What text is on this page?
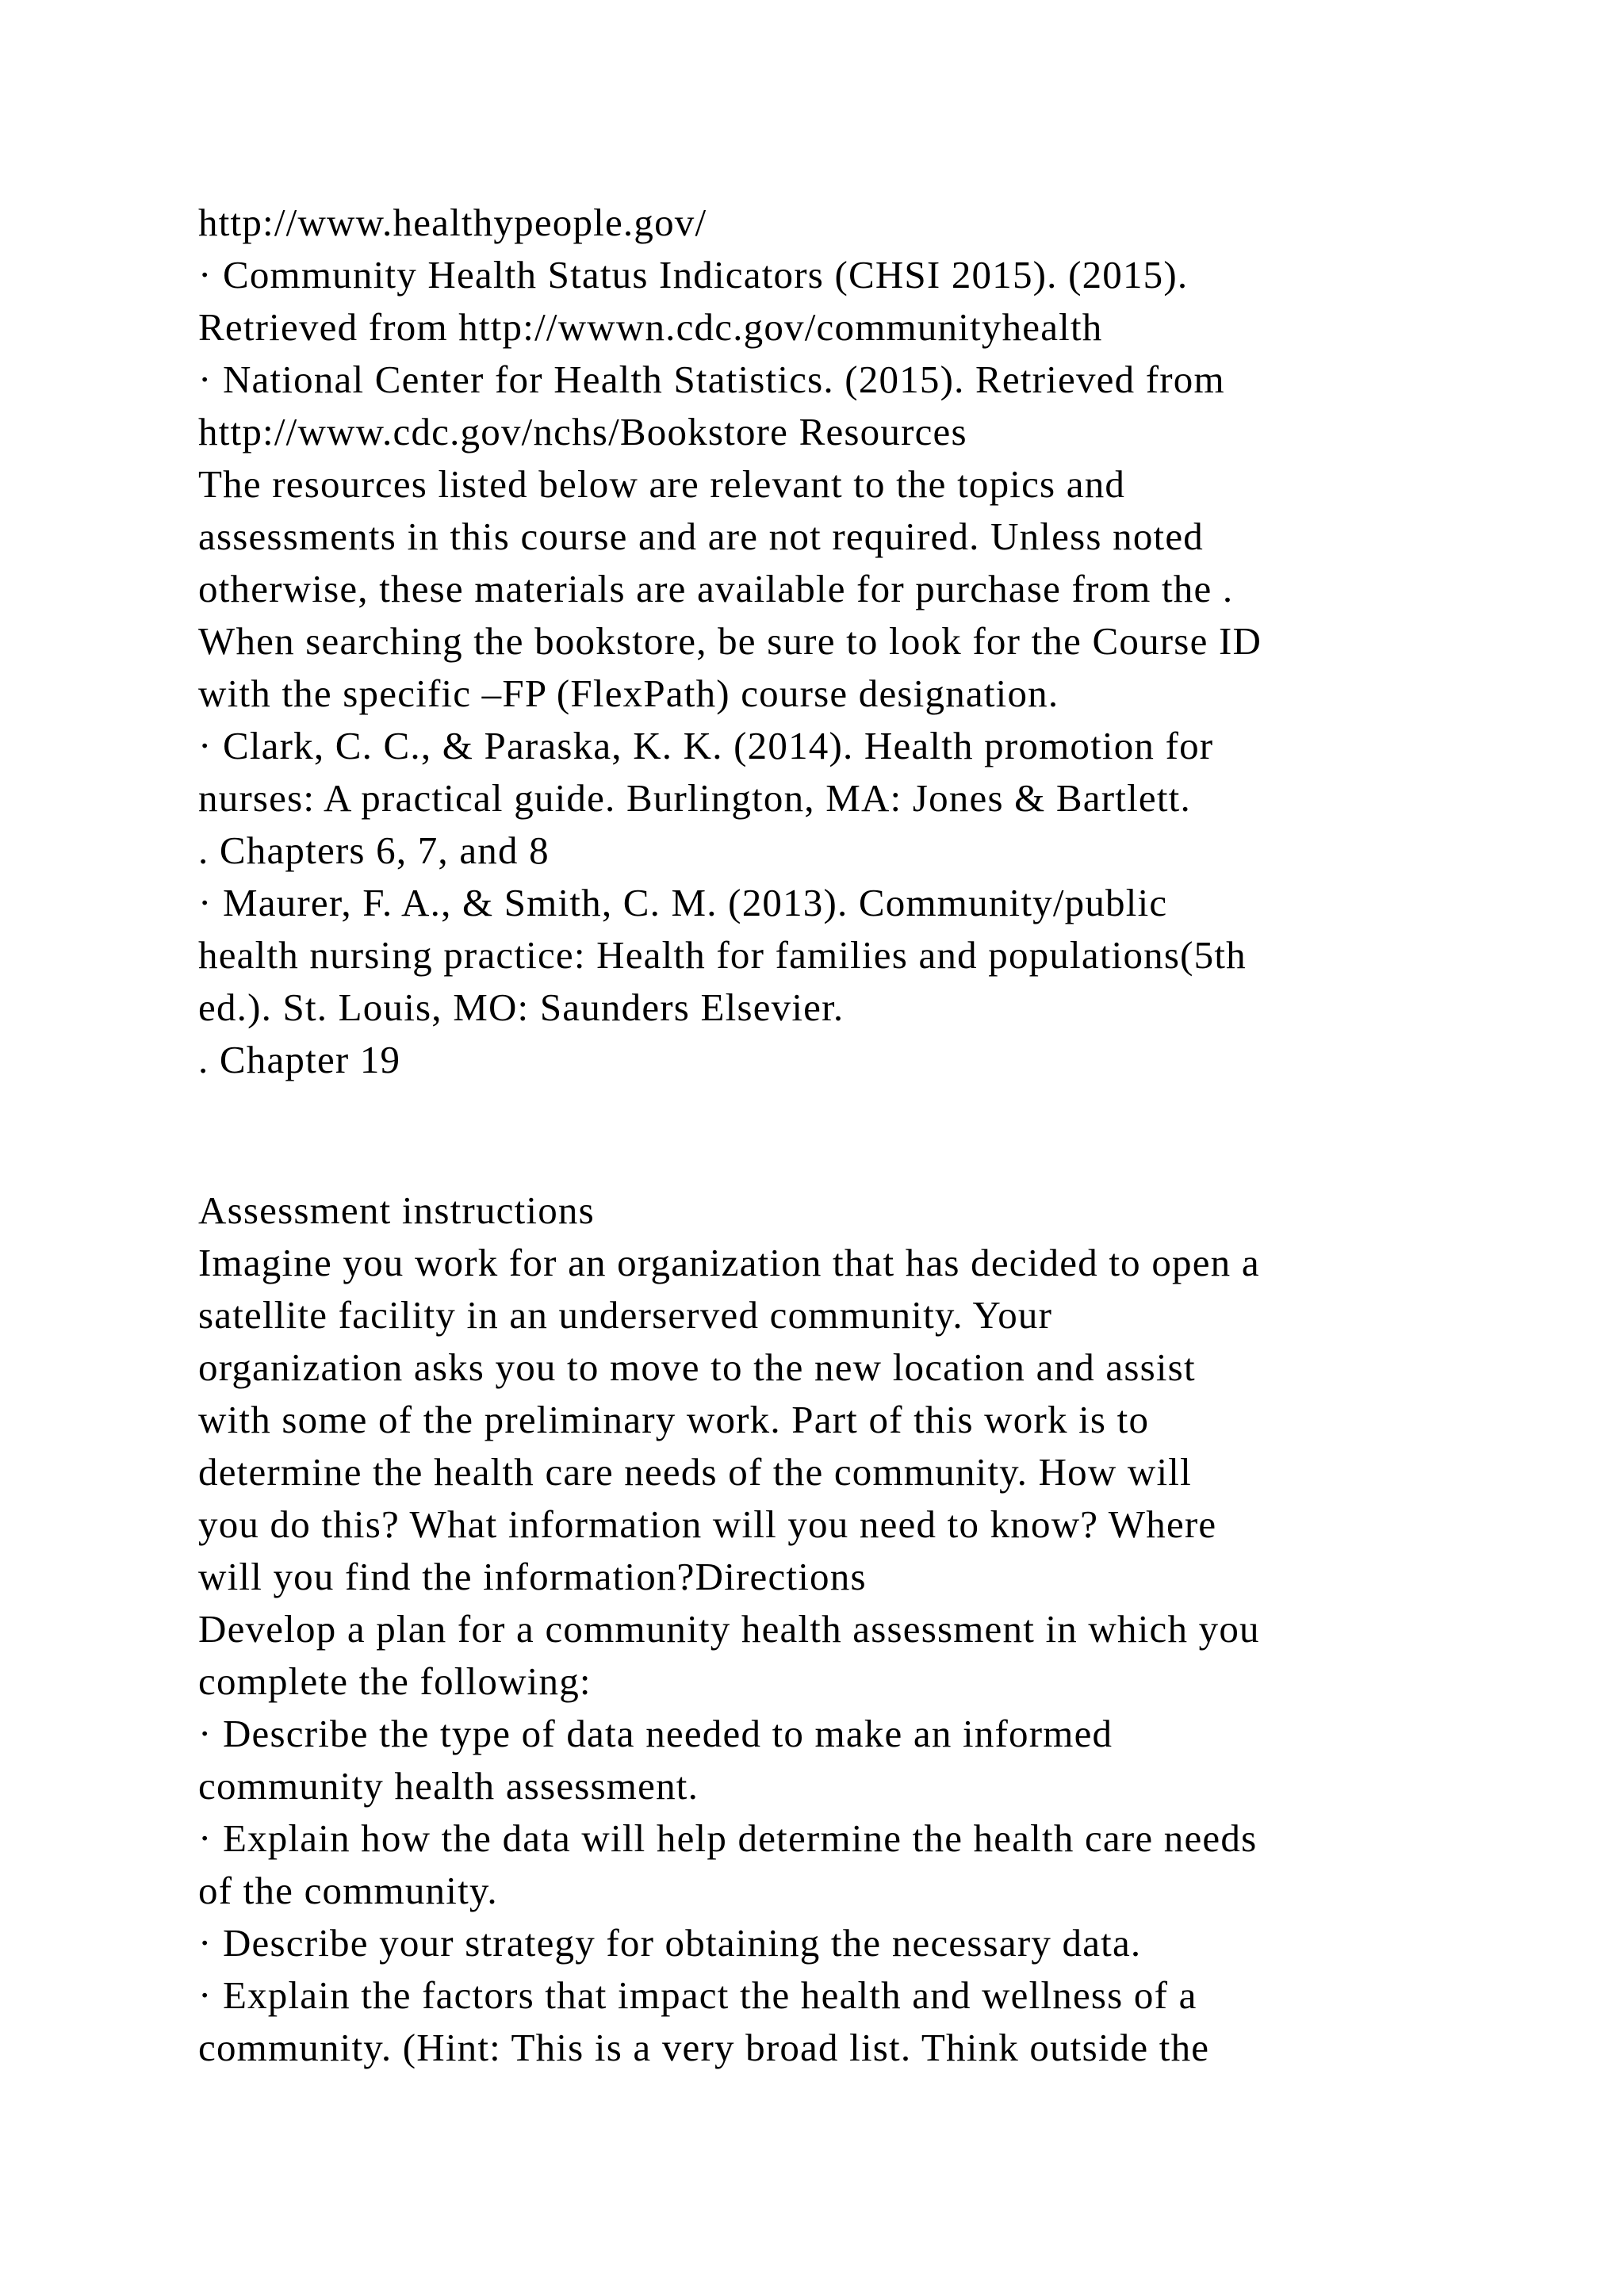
http://www.healthypeople.gov/
· Community Health Status Indicators (CHSI 2015). (2015).
Retrieved from http://wwwn.cdc.gov/communityhealth
· National Center for Health Statistics. (2015). Retrieved from
http://www.cdc.gov/nchs/Bookstore Resources
The resources listed below are relevant to the topics and
assessments in this course and are not required. Unless noted
otherwise, these materials are available for purchase from the .
When searching the bookstore, be sure to look for the Course ID
with the specific –FP (FlexPath) course designation.
· Clark, C. C., & Paraska, K. K. (2014). Health promotion for
nurses: A practical guide. Burlington, MA: Jones & Bartlett.
. Chapters 6, 7, and 8
· Maurer, F. A., & Smith, C. M. (2013). Community/public
health nursing practice: Health for families and populations(5th
ed.). St. Louis, MO: Saunders Elsevier.
. Chapter 19
Assessment instructions
Imagine you work for an organization that has decided to open a
satellite facility in an underserved community. Your
organization asks you to move to the new location and assist
with some of the preliminary work. Part of this work is to
determine the health care needs of the community. How will
you do this? What information will you need to know? Where
will you find the information?Directions
Develop a plan for a community health assessment in which you
complete the following:
· Describe the type of data needed to make an informed
community health assessment.
· Explain how the data will help determine the health care needs
of the community.
· Describe your strategy for obtaining the necessary data.
· Explain the factors that impact the health and wellness of a
community. (Hint: This is a very broad list. Think outside the
